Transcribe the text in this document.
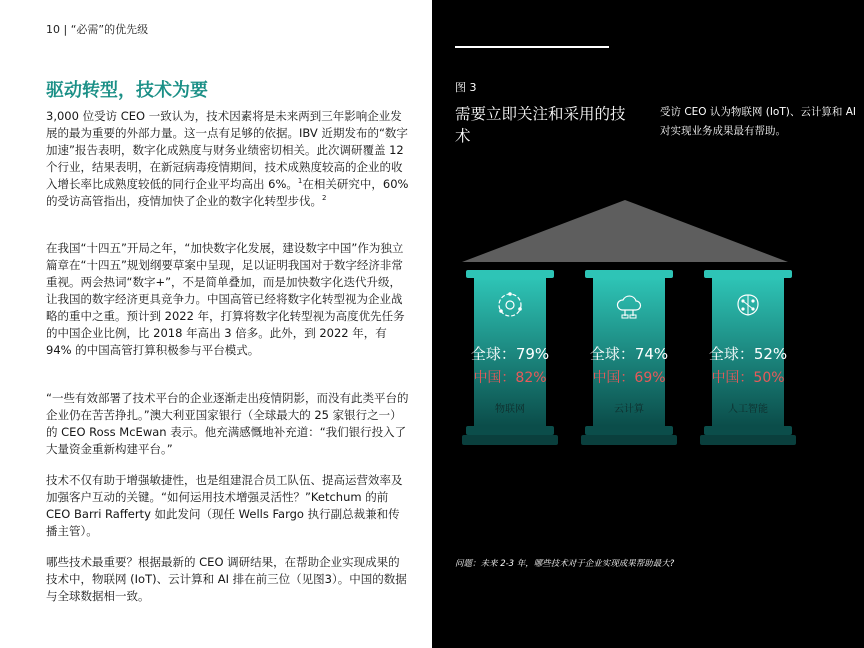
10 | “必需”的优先级
驱动转型，技术为要

3,000 位受访 CEO 一致认为，技术因素将是未来两到三年影响企业发展的最为重要的外部力量。这一点有足够的依据。IBV 近期发布的“数字加速”报告表明，数字化成熟度与财务业绩密切相关。此次调研覆盖 12 个行业，结果表明，在新冠病毒疫情期间，技术成熟度较高的企业的收入增长率比成熟度较低的同行企业平均高出 6%。$^1$在相关研究中，60% 的受访高管指出，疫情加快了企业的数字化转型步伐。$^2$

在我国“十四五”开局之年，“加快数字化发展，建设数字中国”作为独立篇章在“十四五”规划纲要草案中呈现，足以证明我国对于数字经济非常重视。两会热词“数字+”，不是简单叠加，而是加快数字化迭代升级，让我国的数字经济更具竞争力。中国高管已经将数字化转型视为企业战略的重中之重。预计到 2022 年，打算将数字化转型视为高度优先任务的中国企业比例，比 2018 年高出 3 倍多。此外，到 2022 年，有 94% 的中国高管打算积极参与平台模式。

“一些有效部署了技术平台的企业逐渐走出疫情阴影，而没有此类平台的企业仍在苦苦挣扎。”澳大利亚国家银行（全球最大的 25 家银行之一）的 CEO Ross McEwan 表示。他充满感慨地补充道：“我们银行投入了大量资金重新构建平台。”

技术不仅有助于增强敏捷性，也是组建混合员工队伍、提高运营效率及加强客户互动的关键。“如何运用技术增强灵活性？”Ketchum 的前 CEO Barri Rafferty 如此发问（现任 Wells Fargo 执行副总裁兼和传播主管）。

哪些技术最重要？根据最新的 CEO 调研结果，在帮助企业实现成果的技术中，物联网 (IoT)、云计算和 AI 排在前三位（见图3）。中国的数据与全球数据相一致。

图 3

需要立即关注和采用的技术

受访 CEO 认为物联网 (IoT)、云计算和 AI 对实现业务成果最有帮助。

全球：79%
中国：82%
物联网
全球：74%
中国：69%
云计算
全球：52%
中国：50%
人工智能

问题：未来 2-3 年，哪些技术对于企业实现成果帮助最大?
